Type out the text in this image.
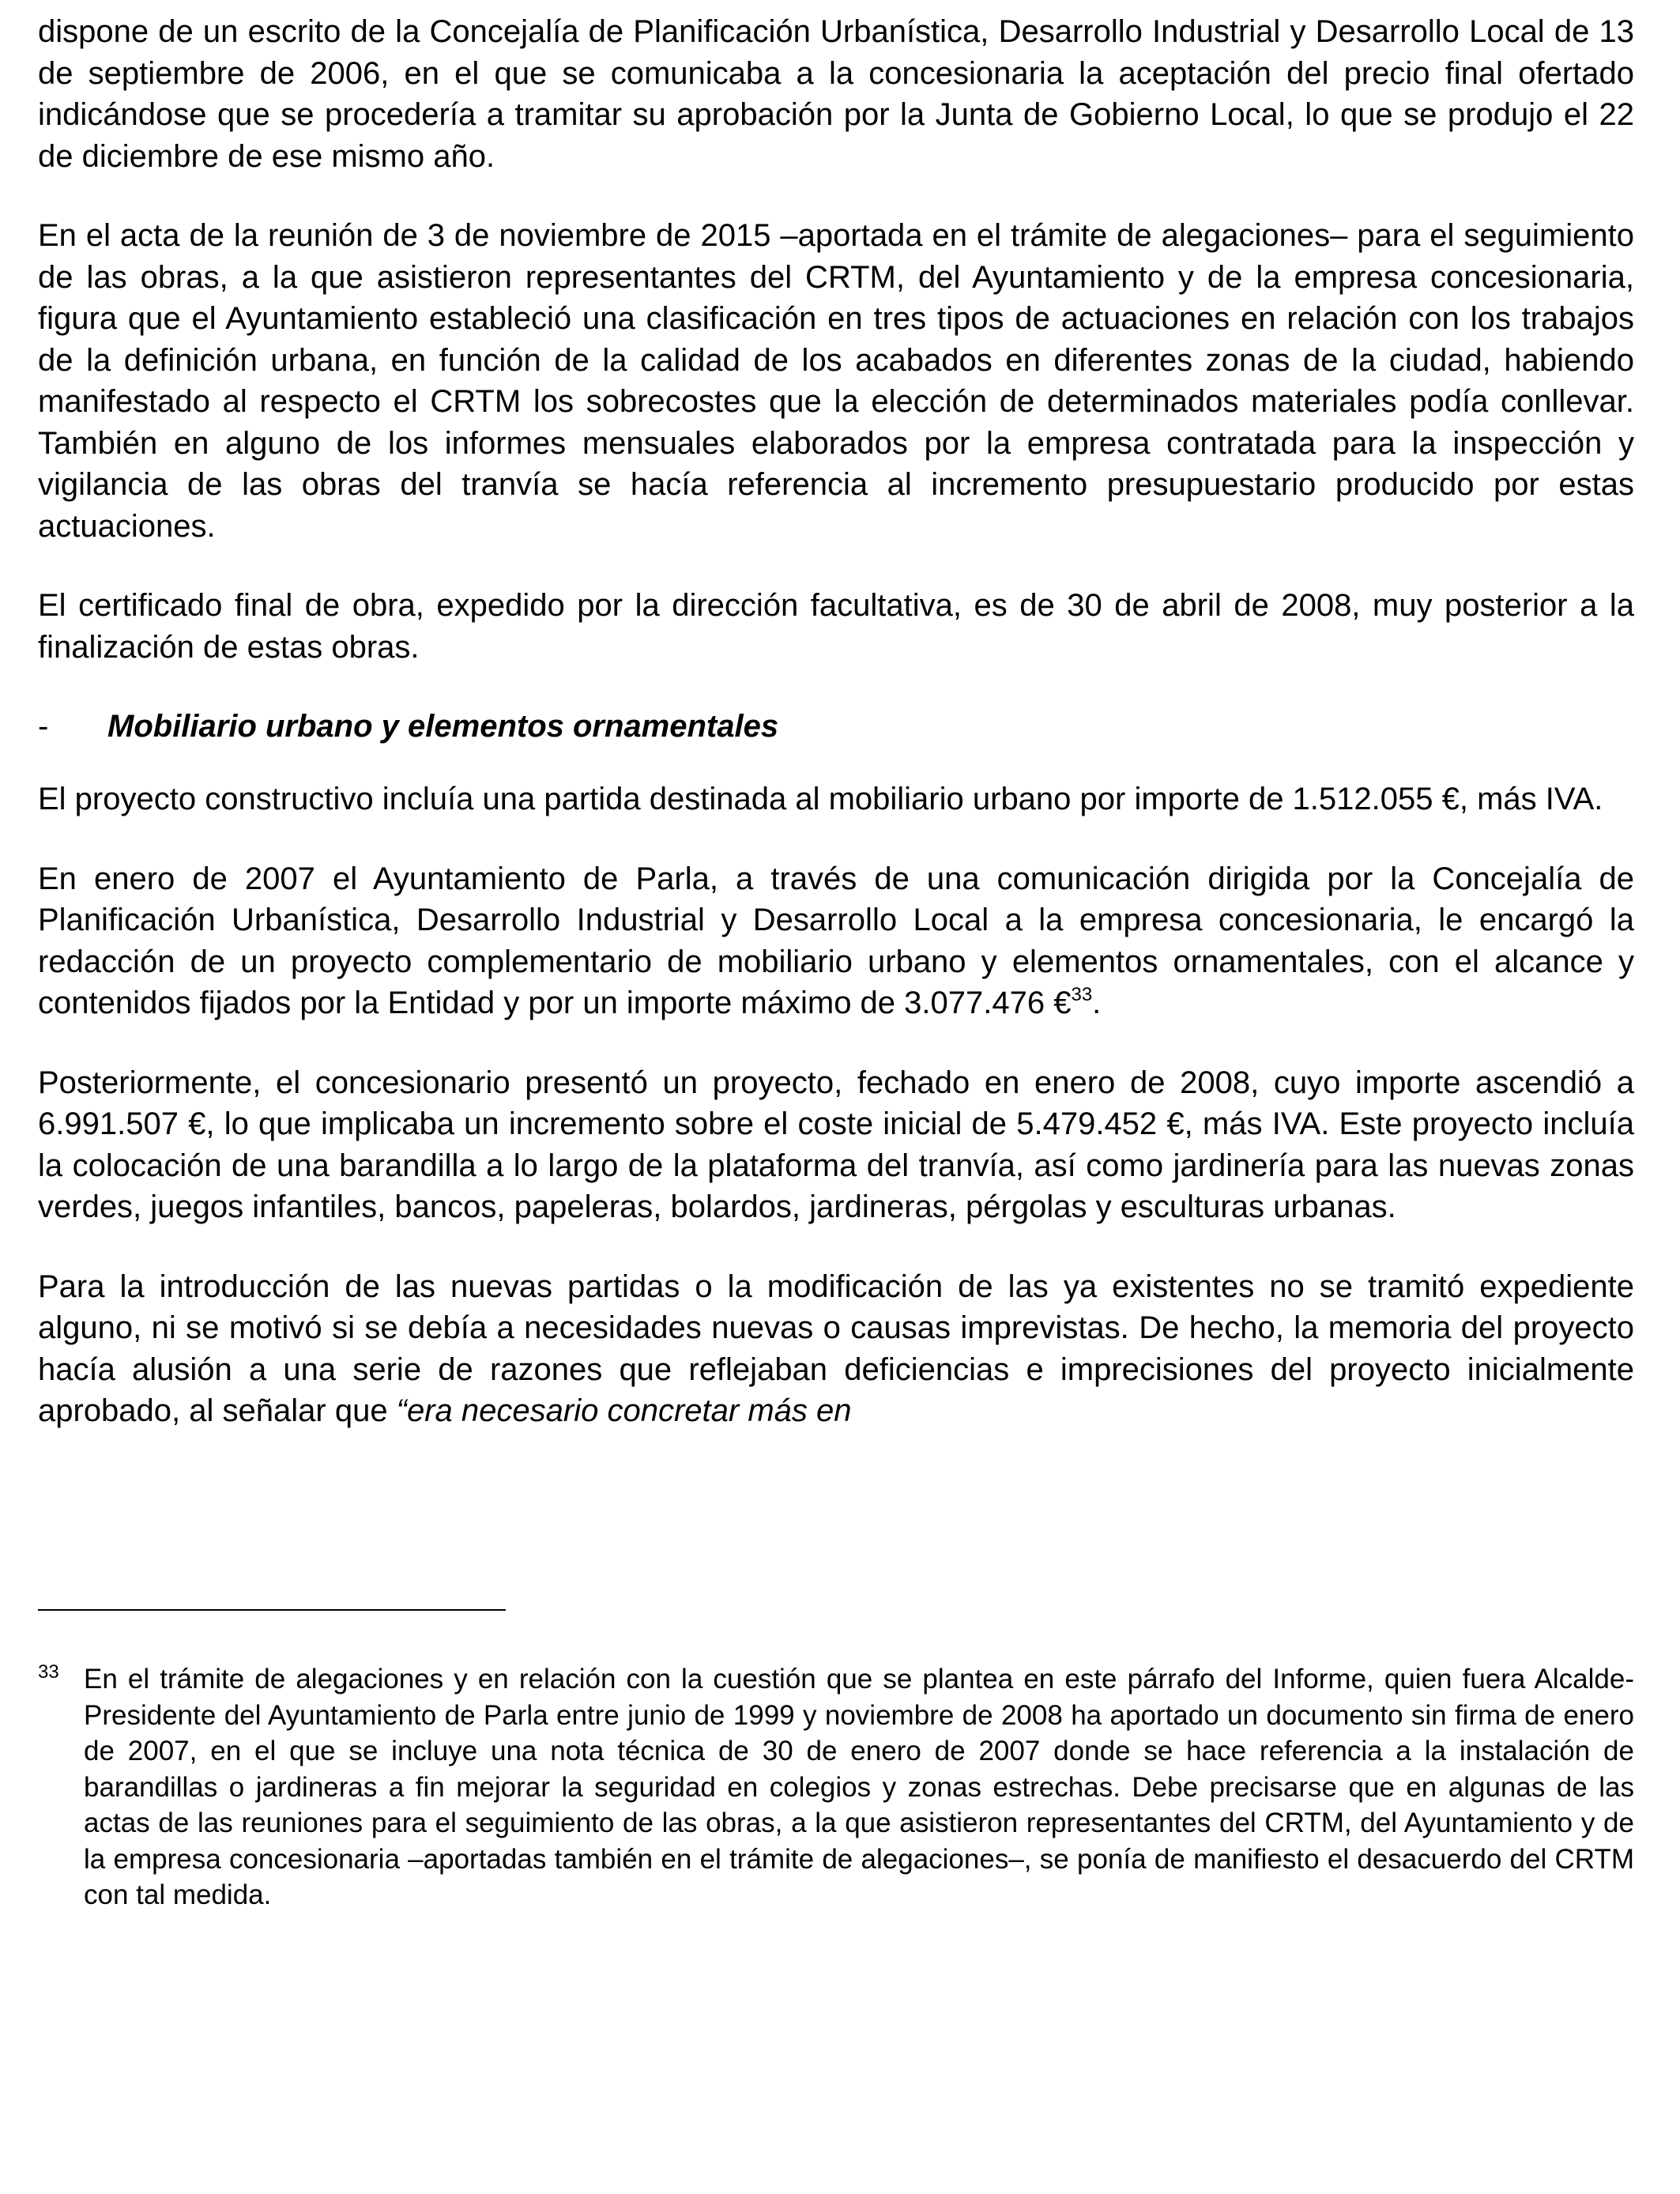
dispone de un escrito de la Concejalía de Planificación Urbanística, Desarrollo Industrial y Desarrollo Local de 13 de septiembre de 2006, en el que se comunicaba a la concesionaria la aceptación del precio final ofertado indicándose que se procedería a tramitar su aprobación por la Junta de Gobierno Local, lo que se produjo el 22 de diciembre de ese mismo año.

En el acta de la reunión de 3 de noviembre de 2015 –aportada en el trámite de alegaciones– para el seguimiento de las obras, a la que asistieron representantes del CRTM, del Ayuntamiento y de la empresa concesionaria, figura que el Ayuntamiento estableció una clasificación en tres tipos de actuaciones en relación con los trabajos de la definición urbana, en función de la calidad de los acabados en diferentes zonas de la ciudad, habiendo manifestado al respecto el CRTM los sobrecostes que la elección de determinados materiales podía conllevar. También en alguno de los informes mensuales elaborados por la empresa contratada para la inspección y vigilancia de las obras del tranvía se hacía referencia al incremento presupuestario producido por estas actuaciones.

El certificado final de obra, expedido por la dirección facultativa, es de 30 de abril de 2008, muy posterior a la finalización de estas obras.

-	Mobiliario urbano y elementos ornamentales

El proyecto constructivo incluía una partida destinada al mobiliario urbano por importe de 1.512.055 €, más IVA.

En enero de 2007 el Ayuntamiento de Parla, a través de una comunicación dirigida por la Concejalía de Planificación Urbanística, Desarrollo Industrial y Desarrollo Local a la empresa concesionaria, le encargó la redacción de un proyecto complementario de mobiliario urbano y elementos ornamentales, con el alcance y contenidos fijados por la Entidad y por un importe máximo de 3.077.476 €$^{33}$.

Posteriormente, el concesionario presentó un proyecto, fechado en enero de 2008, cuyo importe ascendió a 6.991.507 €, lo que implicaba un incremento sobre el coste inicial de 5.479.452 €, más IVA. Este proyecto incluía la colocación de una barandilla a lo largo de la plataforma del tranvía, así como jardinería para las nuevas zonas verdes, juegos infantiles, bancos, papeleras, bolardos, jardineras, pérgolas y esculturas urbanas.

Para la introducción de las nuevas partidas o la modificación de las ya existentes no se tramitó expediente alguno, ni se motivó si se debía a necesidades nuevas o causas imprevistas. De hecho, la memoria del proyecto hacía alusión a una serie de razones que reflejaban deficiencias e imprecisiones del proyecto inicialmente aprobado, al señalar que “era necesario concretar más en

33 En el trámite de alegaciones y en relación con la cuestión que se plantea en este párrafo del Informe, quien fuera Alcalde-Presidente del Ayuntamiento de Parla entre junio de 1999 y noviembre de 2008 ha aportado un documento sin firma de enero de 2007, en el que se incluye una nota técnica de 30 de enero de 2007 donde se hace referencia a la instalación de barandillas o jardineras a fin mejorar la seguridad en colegios y zonas estrechas. Debe precisarse que en algunas de las actas de las reuniones para el seguimiento de las obras, a la que asistieron representantes del CRTM, del Ayuntamiento y de la empresa concesionaria –aportadas también en el trámite de alegaciones–, se ponía de manifiesto el desacuerdo del CRTM con tal medida.
